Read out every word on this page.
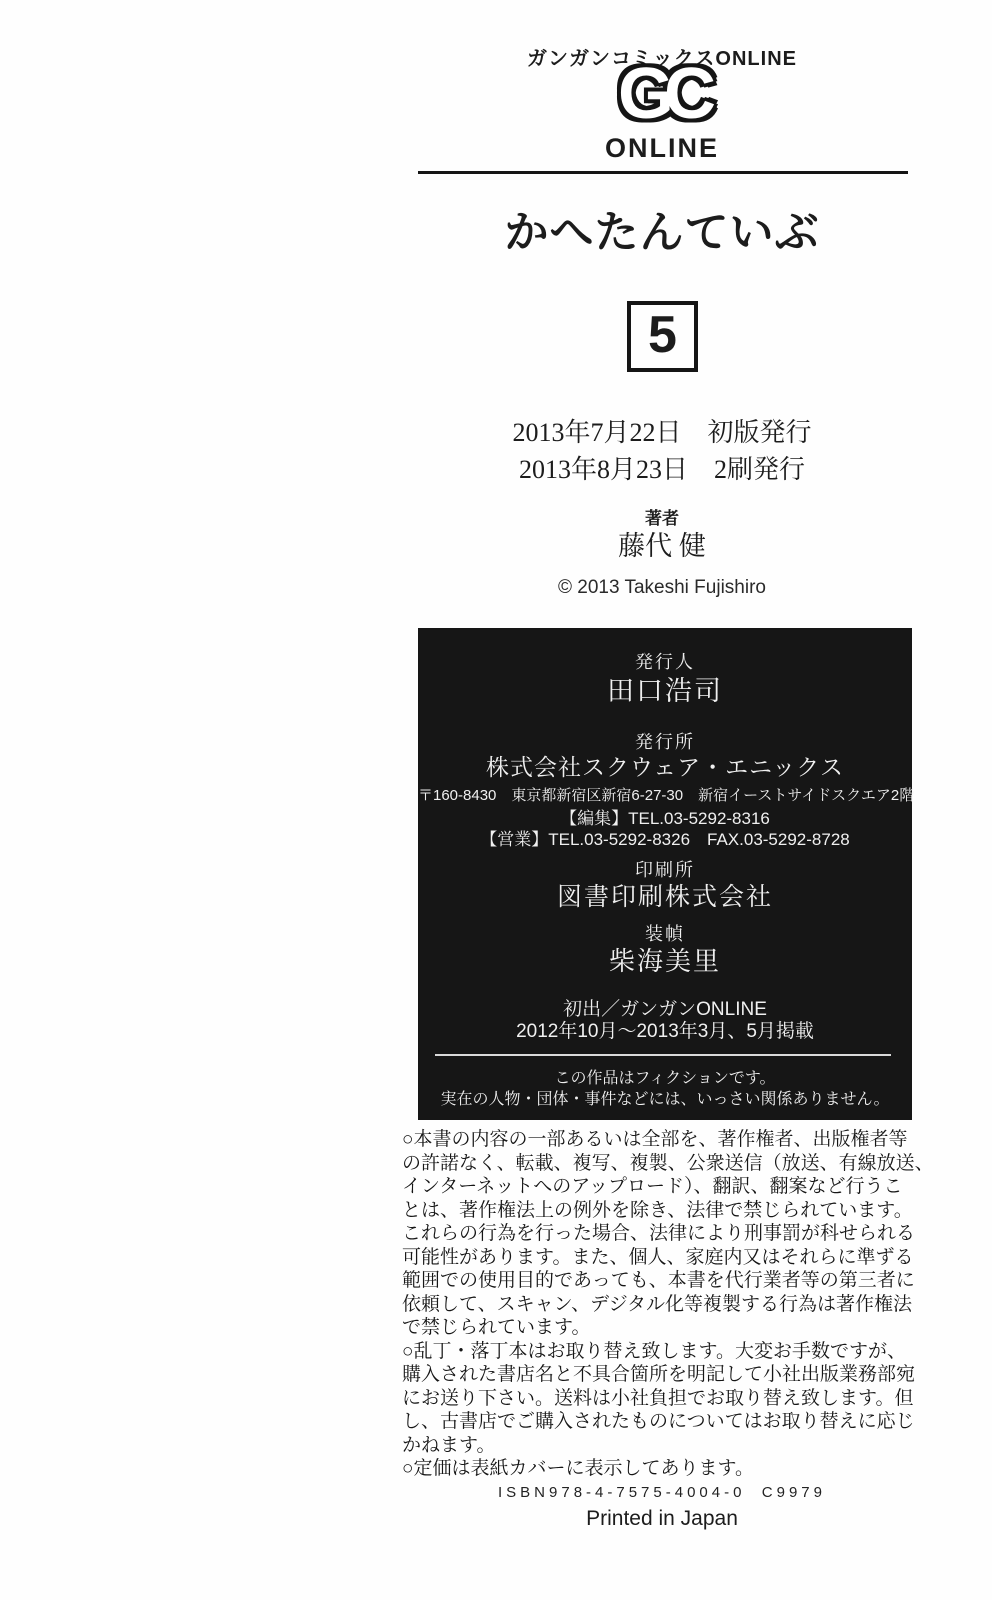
ガンガンコミックスONLINE
GC
ONLINE
かへたんていぶ
5
2013年7月22日　初版発行
2013年8月23日　2刷発行
著者
藤代 健
© 2013 Takeshi Fujishiro
発行人
田口浩司
発行所
株式会社スクウェア・エニックス
〒160-8430　東京都新宿区新宿6-27-30　新宿イーストサイドスクエア2階
【編集】TEL.03-5292-8316
【営業】TEL.03-5292-8326　FAX.03-5292-8728
印刷所
図書印刷株式会社
装幀
柴海美里
初出／ガンガンONLINE
2012年10月～2013年3月、5月掲載
この作品はフィクションです。
実在の人物・団体・事件などには、いっさい関係ありません。
○本書の内容の一部あるいは全部を、著作権者、出版権者等
の許諾なく、転載、複写、複製、公衆送信（放送、有線放送、
インターネットへのアップロード）、翻訳、翻案など行うこ
とは、著作権法上の例外を除き、法律で禁じられています。
これらの行為を行った場合、法律により刑事罰が科せられる
可能性があります。また、個人、家庭内又はそれらに準ずる
範囲での使用目的であっても、本書を代行業者等の第三者に
依頼して、スキャン、デジタル化等複製する行為は著作権法
で禁じられています。
○乱丁・落丁本はお取り替え致します。大変お手数ですが、
購入された書店名と不具合箇所を明記して小社出版業務部宛
にお送り下さい。送料は小社負担でお取り替え致します。但
し、古書店でご購入されたものについてはお取り替えに応じ
かねます。
○定価は表紙カバーに表示してあります。
ISBN978-4-7575-4004-0  C9979
Printed in Japan
